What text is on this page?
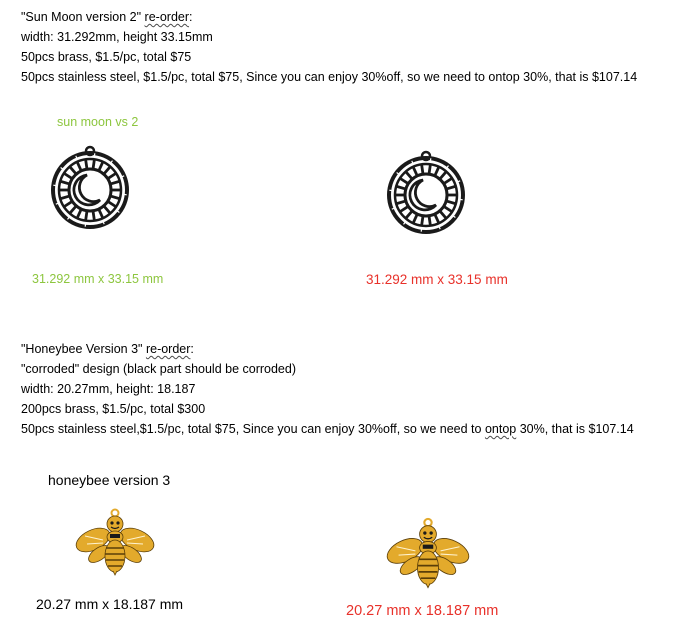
"Sun Moon version 2" re-order:
width: 31.292mm, height 33.15mm
50pcs brass, $1.5/pc, total $75
50pcs stainless steel, $1.5/pc, total $75, Since you can enjoy 30%off, so we need to ontop 30%, that is $107.14
sun moon vs 2
31.292 mm x 33.15 mm	31.292 mm x 33.15 mm
"Honeybee Version 3" re-order:
"corroded" design (black part should be corroded)
width: 20.27mm, height: 18.187
200pcs brass, $1.5/pc, total $300
50pcs stainless steel,$1.5/pc, total $75, Since you can enjoy 30%off, so we need to ontop 30%, that is $107.14
honeybee version 3
20.27 mm x 18.187 mm	20.27 mm x 18.187 mm
